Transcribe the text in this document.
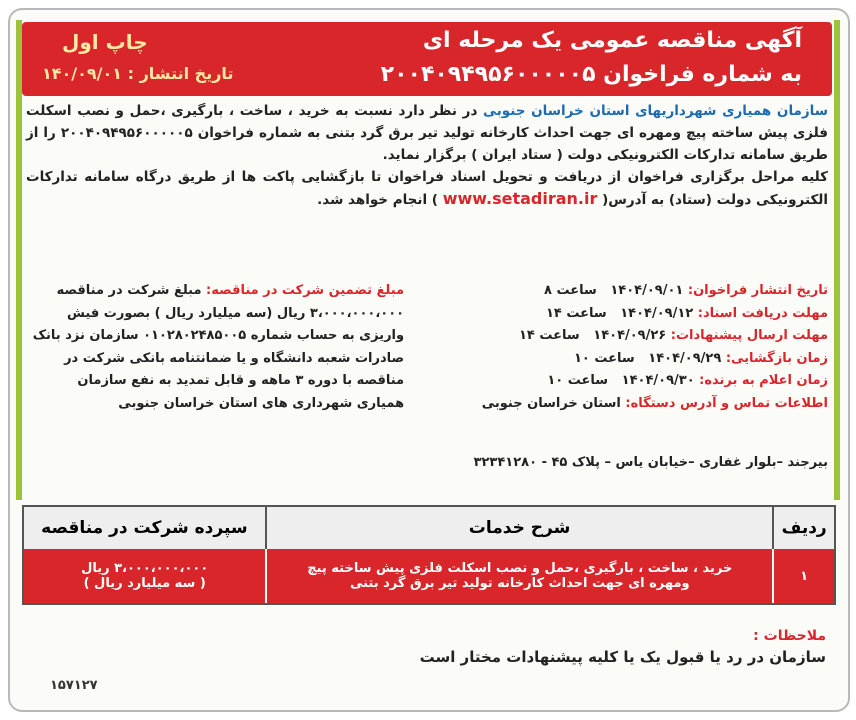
آگهی مناقصه عمومی یک مرحله ای
به شماره فراخوان ۲۰۰۴۰۹۴۹۵۶۰۰۰۰۰۵
چاپ اول
تاریخ انتشار : ۱۴۰/۰۹/۰۱
سازمان همیاری شهرداریهای استان خراسان جنوبی در نظر دارد نسبت به خرید ، ساخت ، بارگیری ،حمل و نصب اسکلت فلزی پیش ساخته پیچ ومهره ای جهت احداث کارخانه تولید تیر برق گرد بتنی به شماره فراخوان ۲۰۰۴۰۹۴۹۵۶۰۰۰۰۰۵ را از طریق سامانه تدارکات الکترونیکی دولت ( ستاد ایران ) برگزار نماید.
کلیه مراحل برگزاری فراخوان از دریافت و تحویل اسناد فراخوان تا بازگشایی پاکت ها از طریق درگاه سامانه تدارکات الکترونیکی دولت (ستاد) به آدرس( www.setadiran.ir ) انجام خواهد شد.
تاریخ انتشار فراخوان: ۱۴۰۴/۰۹/۰۱   ساعت ۸
مهلت دریافت اسناد: ۱۴۰۴/۰۹/۱۲   ساعت ۱۴
مهلت ارسال پیشنهادات: ۱۴۰۴/۰۹/۲۶   ساعت ۱۴
زمان بازگشایی: ۱۴۰۴/۰۹/۲۹   ساعت ۱۰
زمان اعلام به برنده: ۱۴۰۴/۰۹/۳۰   ساعت ۱۰
اطلاعات تماس و آدرس دستگاه: استان خراسان جنوبی
مبلغ تضمین شرکت در مناقصه: مبلغ شرکت در مناقصه ۳،۰۰۰،۰۰۰،۰۰۰ ریال (سه میلیارد ریال ) بصورت فیش واریزی به حساب شماره ۰۱۰۲۸۰۲۴۸۵۰۰۵ سازمان نزد بانک صادرات شعبه دانشگاه و یا ضمانتنامه بانکی شرکت در مناقصه با دوره ۳ ماهه و قابل تمدید به نفع سازمان همیاری شهرداری های استان خراسان جنوبی
بیرجند –بلوار غفاری –خیابان یاس – پلاک ۴۵ - ۳۲۳۴۱۲۸۰
ردیف
شرح خدمات
سپرده شرکت در مناقصه
۱
خرید ، ساخت ، بارگیری ،حمل و نصب اسکلت فلزی پیش ساخته پیچ ومهره ای جهت احداث کارخانه تولید تیر برق گرد بتنی
۳،۰۰۰،۰۰۰،۰۰۰ ریال
( سه میلیارد ریال )
ملاحظات :
سازمان در رد یا قبول یک یا کلیه پیشنهادات مختار است
۱۵۷۱۲۷
